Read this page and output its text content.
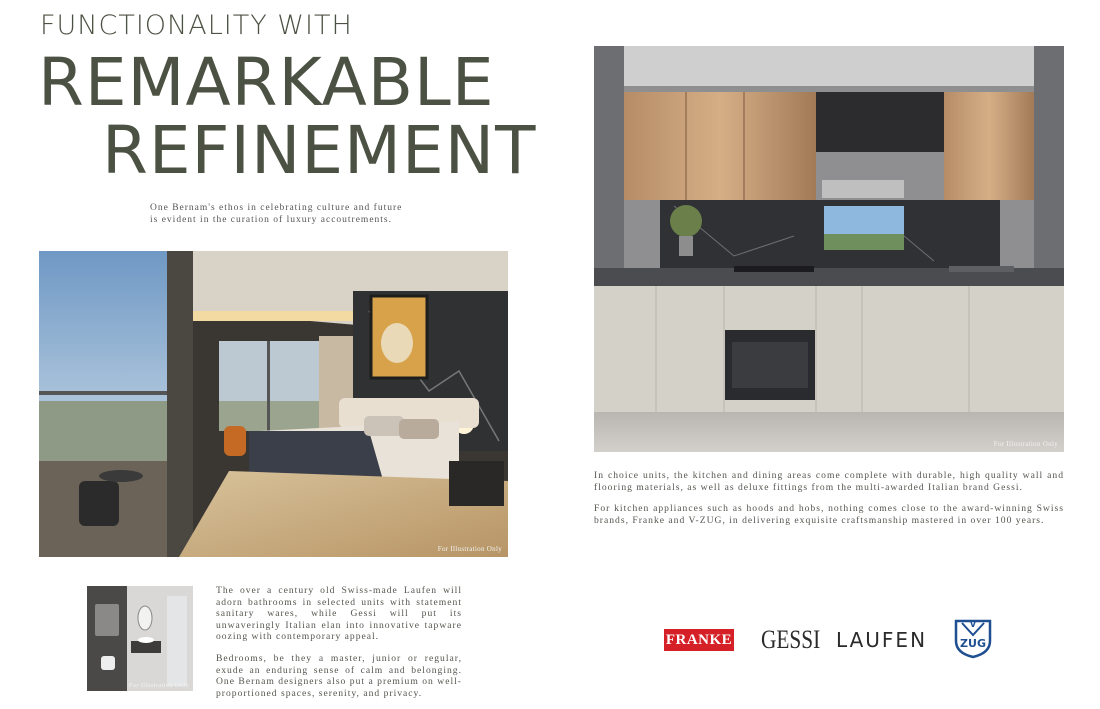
FUNCTIONALITY WITH
REMARKABLE
REFINEMENT
One Bernam's ethos in celebrating culture and future
is evident in the curation of luxury accoutrements.
For Illustration Only
For Illustration Only

In choice units, the kitchen and dining areas come complete with durable, high quality wall and flooring materials, as well as deluxe fittings from the multi-awarded Italian brand Gessi.

For kitchen appliances such as hoods and hobs, nothing comes close to the award-winning Swiss brands, Franke and V-ZUG, in delivering exquisite craftsmanship mastered in over 100 years.

For Illustration Only

The over a century old Swiss-made Laufen will adorn bathrooms in selected units with statement sanitary wares, while Gessi will put its unwaveringly Italian elan into innovative tapware oozing with contemporary appeal.

Bedrooms, be they a master, junior or regular, exude an enduring sense of calm and belonging. One Bernam designers also put a premium on well-proportioned spaces, serenity, and privacy.

FRANKE GESSI LAUFEN
V
ZUG
